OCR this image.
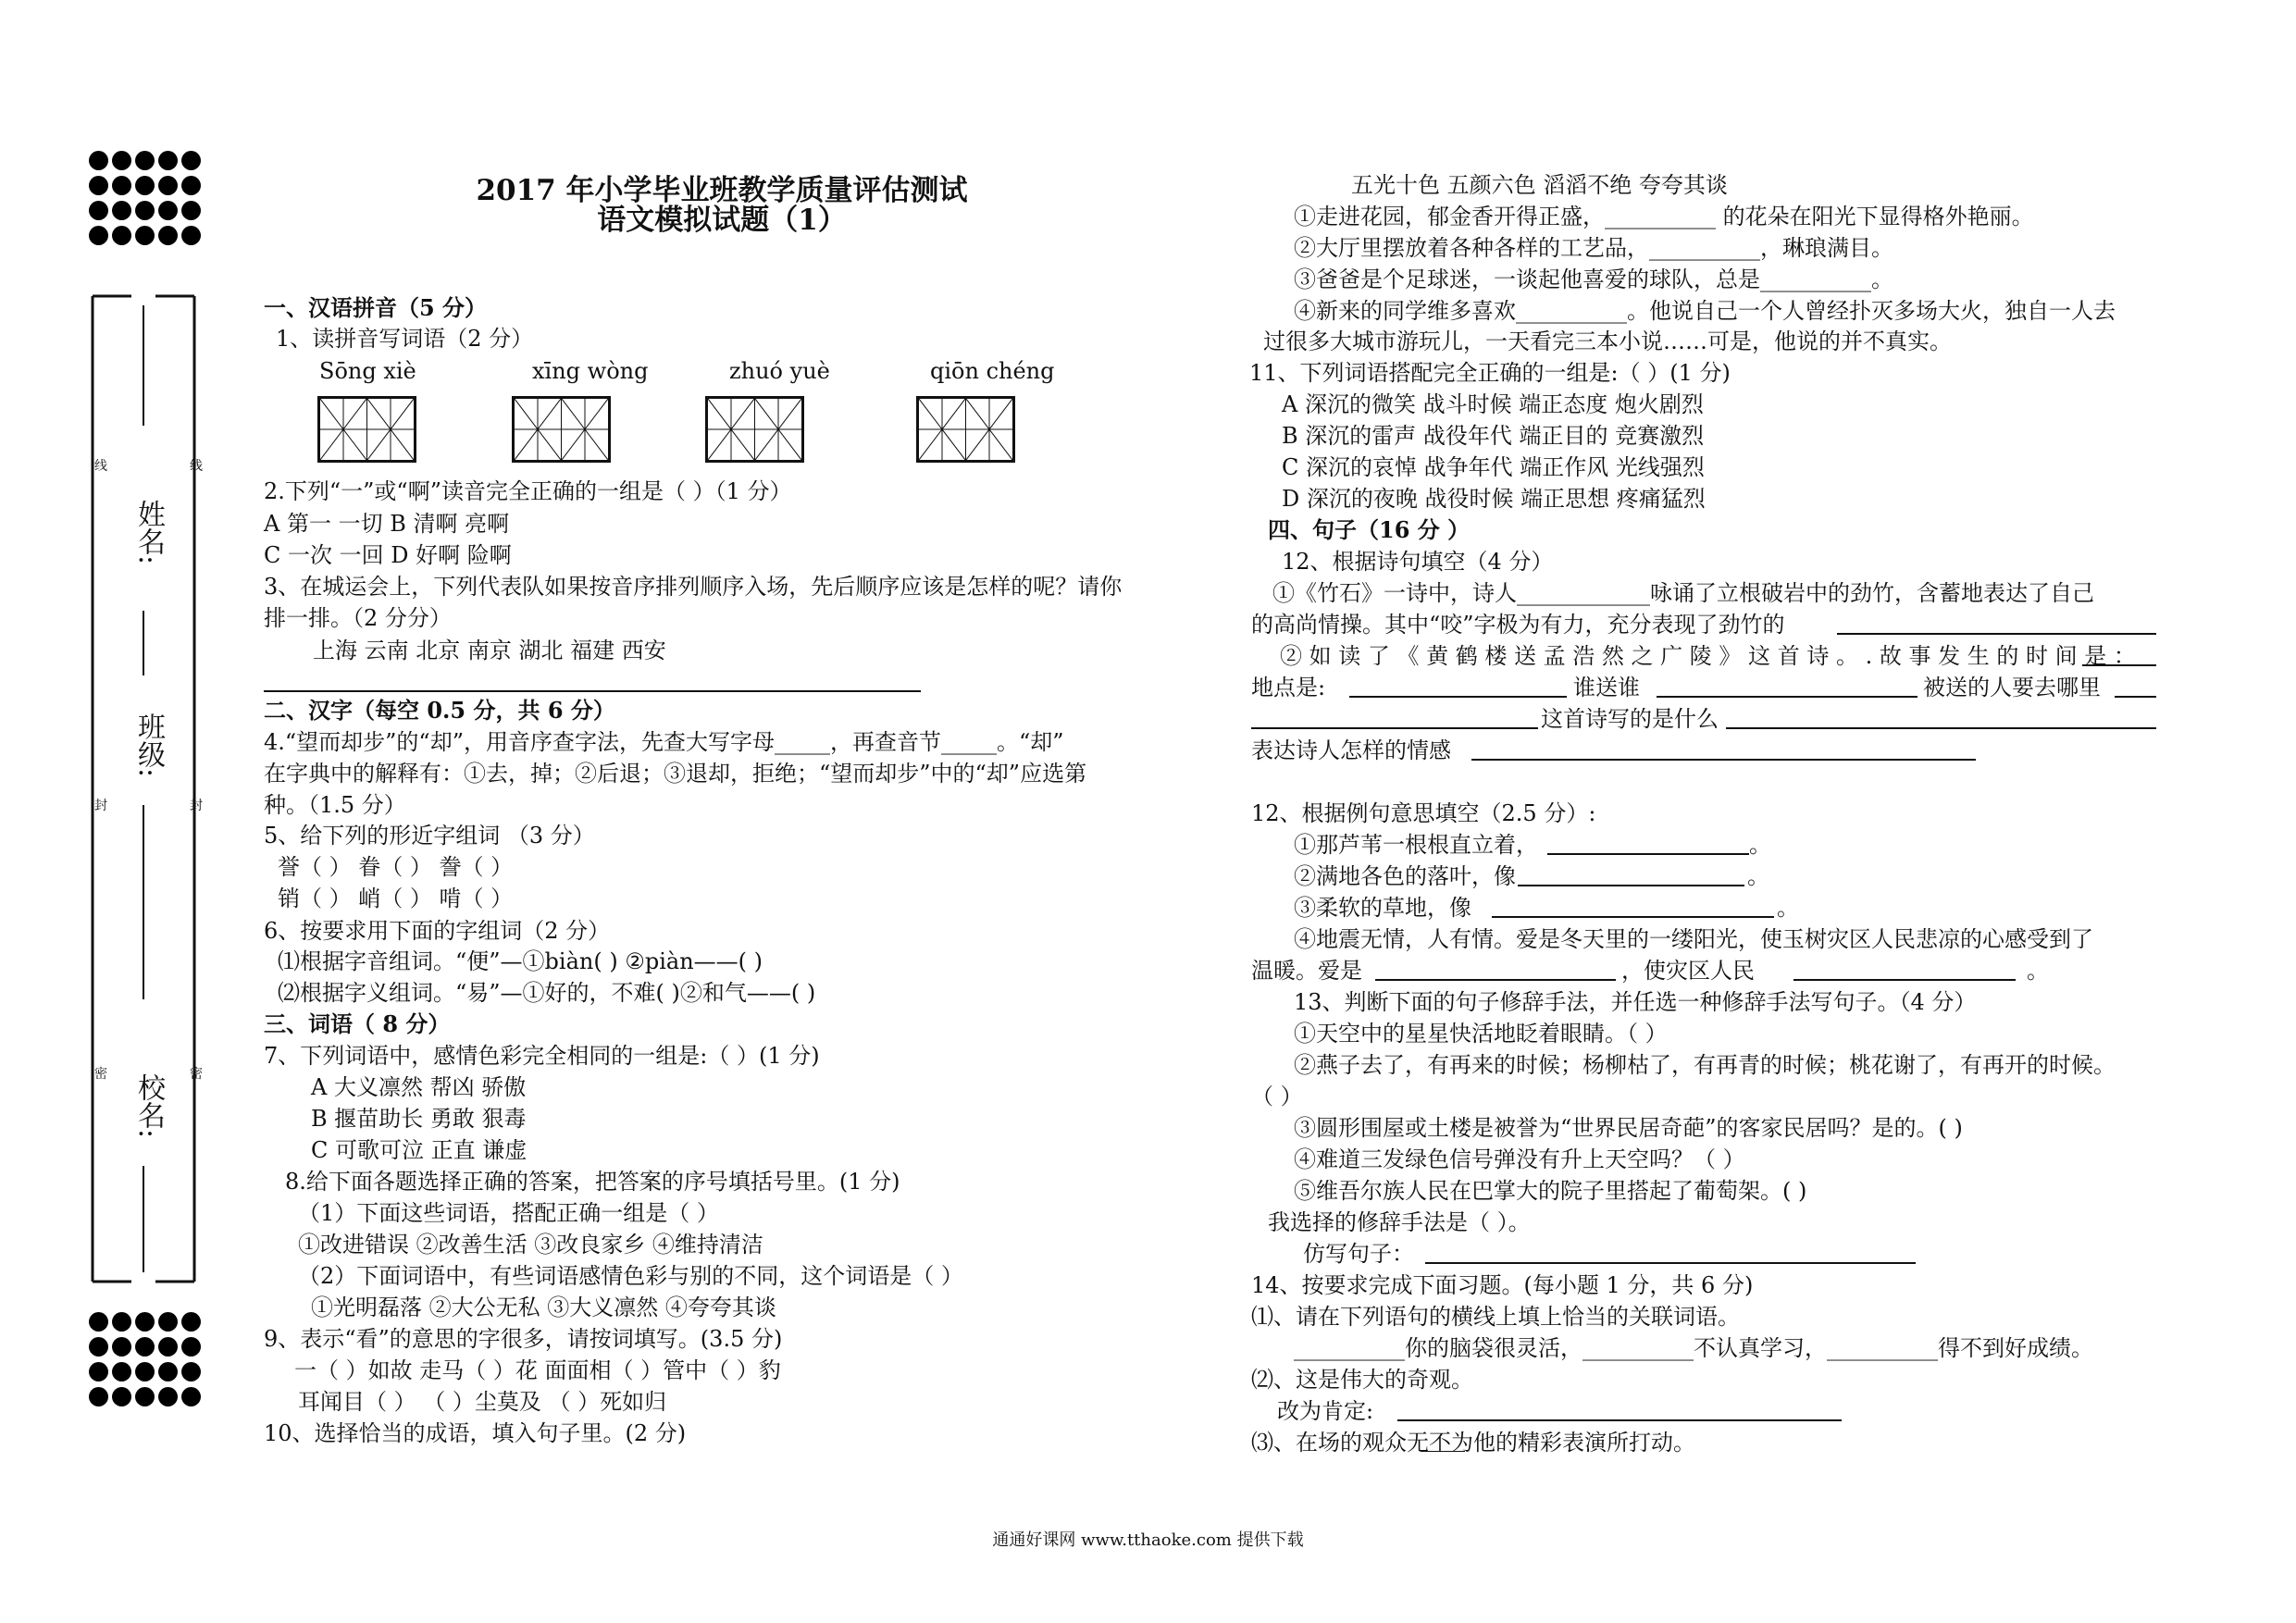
线	线
封	封
密	密
姓名:
班级:
校名:
2017 年小学毕业班教学质量评估测试
语文模拟试题（1）
一、汉语拼音（5 分）
1、读拼音写词语（2 分）
Sōng xiè	xīng wòng	zhuó yuè	qiōn chéng
2.下列“一”或“啊”读音完全正确的一组是（ ）（1 分）
A 第一 一切 B 清啊 亮啊
C 一次 一回 D 好啊 险啊
3、在城运会上，下列代表队如果按音序排列顺序入场，先后顺序应该是怎样的呢？请你
排一排。（2 分分）
上海 云南 北京 南京 湖北 福建 西安
二、汉字（每空 0.5 分，共 6 分）
4.“望而却步”的“却”，用音序查字法，先查大写字母_____，再查音节_____。“却”
在字典中的解释有：①去，掉；②后退；③退却，拒绝；“望而却步”中的“却”应选第
种。（1.5 分）
5、给下列的形近字组词 （3 分）
誉（ ） 眷（ ） 誊（ ）
销（ ） 峭（ ） 啃（ ）
6、按要求用下面的字组词（2 分）
⑴根据字音组词。“便”—①biàn( ) ②piàn——( )
⑵根据字义组词。“易”—①好的，不难( )②和气——( )
三、词语（ 8 分）
7、下列词语中，感情色彩完全相同的一组是:（ ）(1 分)
A 大义凛然 帮凶 骄傲
B 揠苗助长 勇敢 狠毒
C 可歌可泣 正直 谦虚
8.给下面各题选择正确的答案，把答案的序号填括号里。(1 分)
（1）下面这些词语，搭配正确一组是（ ）
①改进错误 ②改善生活 ③改良家乡 ④维持清洁
（2）下面词语中，有些词语感情色彩与别的不同，这个词语是（ ）
①光明磊落 ②大公无私 ③大义凛然 ④夸夸其谈
9、表示“看”的意思的字很多，请按词填写。(3.5 分)
一（ ）如故 走马（ ）花 面面相（ ）管中（ ）豹
耳闻目（ ） （ ）尘莫及 （ ）死如归
10、选择恰当的成语，填入句子里。(2 分)
五光十色 五颜六色 滔滔不绝 夸夸其谈
①走进花园，郁金香开得正盛，__________ 的花朵在阳光下显得格外艳丽。
②大厅里摆放着各种各样的工艺品，__________，琳琅满目。
③爸爸是个足球迷，一谈起他喜爱的球队，总是__________。
④新来的同学维多喜欢__________。他说自己一个人曾经扑灭多场大火，独自一人去
过很多大城市游玩儿，一天看完三本小说……可是，他说的并不真实。
11、下列词语搭配完全正确的一组是:（ ）(1 分)
A 深沉的微笑 战斗时候 端正态度 炮火剧烈
B 深沉的雷声 战役年代 端正目的 竞赛激烈
C 深沉的哀悼 战争年代 端正作风 光线强烈
D 深沉的夜晚 战役时候 端正思想 疼痛猛烈
四、句子（16 分 ）
12、根据诗句填空（4 分）
①《竹石》一诗中，诗人____________咏诵了立根破岩中的劲竹，含蓄地表达了自己
的高尚情操。其中“咬”字极为有力，充分表现了劲竹的
② 如 读 了 《 黄 鹤 楼 送 孟 浩 然 之 广 陵 》 这 首 诗 。 . 故 事 发 生 的 时 间 是 ：
地点是:	谁送谁	被送的人要去哪里
这首诗写的是什么
表达诗人怎样的情感
12、根据例句意思填空（2.5 分）:
①那芦苇一根根直立着，	。
②满地各色的落叶，像	。
③柔软的草地，像	。
④地震无情，人有情。爱是冬天里的一缕阳光，使玉树灾区人民悲凉的心感受到了
温暖。爱是	，使灾区人民	。
13、判断下面的句子修辞手法，并任选一种修辞手法写句子。（4 分）
①天空中的星星快活地眨着眼睛。（ ）
②燕子去了，有再来的时候；杨柳枯了，有再青的时候；桃花谢了，有再开的时候。
（ ）
③圆形围屋或土楼是被誉为“世界民居奇葩”的客家民居吗？是的。( )
④难道三发绿色信号弹没有升上天空吗？（ ）
⑤维吾尔族人民在巴掌大的院子里搭起了葡萄架。( )
我选择的修辞手法是（ ）。
仿写句子：
14、按要求完成下面习题。(每小题 1 分，共 6 分)
⑴、请在下列语句的横线上填上恰当的关联词语。
__________你的脑袋很灵活，__________不认真学习，__________得不到好成绩。
⑵、这是伟大的奇观。
改为肯定:
⑶、在场的观众无不为他的精彩表演所打动。
通通好课网 www.tthaoke.com 提供下载
